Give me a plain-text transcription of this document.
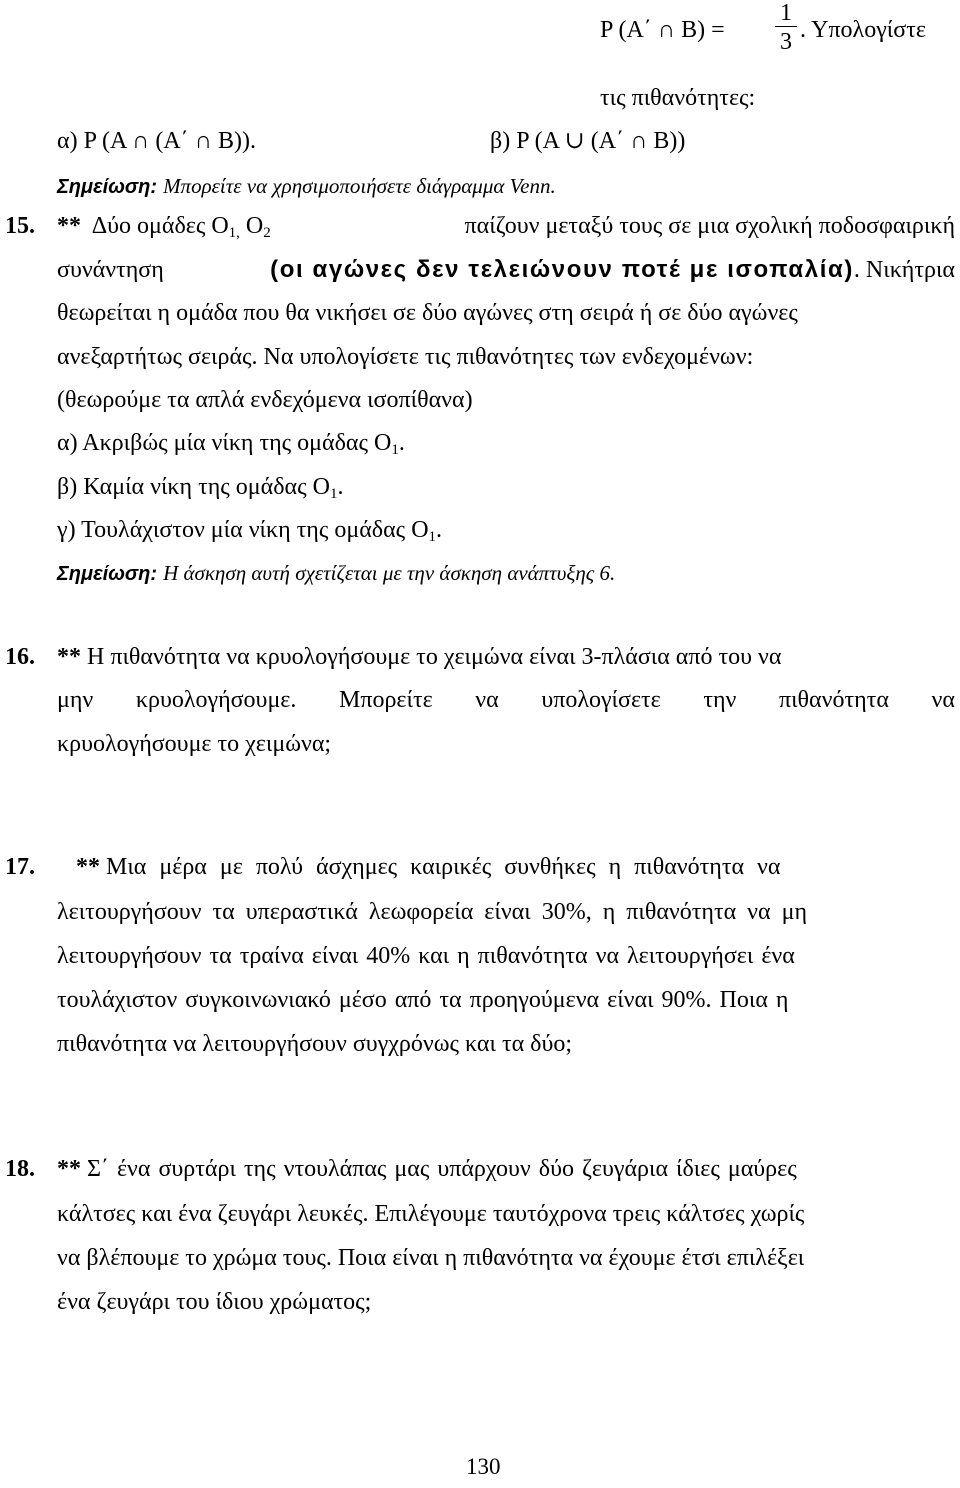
P (A΄ ∩ B) =
1
3 . Υπολογίστε
τις πιθανότητες:
α) P (A ∩ (A΄ ∩ B)).	β) P (A ∪ (A΄ ∩ B))
Σημείωση: Μπορείτε να χρησιμοποιήσετε διάγραμμα Venn.
15. ** Δύο ομάδες $O_{1,}$ $O_2$	παίζουν μεταξύ τους σε μια σχολική ποδοσφαιρική
συνάντηση	(οι αγώνες δεν τελειώνουν ποτέ με ισοπαλία). Νικήτρια
θεωρείται η ομάδα που θα νικήσει σε δύο αγώνες στη σειρά ή σε δύο αγώνες
ανεξαρτήτως σειράς. Να υπολογίσετε τις πιθανότητες των ενδεχομένων:
(θεωρούμε τα απλά ενδεχόμενα ισοπίθανα)
α) Ακριβώς μία νίκη της ομάδας $O_1$.
β) Καμία νίκη της ομάδας $O_1$.
γ) Τουλάχιστον μία νίκη της ομάδας $O_1$.
Σημείωση: Η άσκηση αυτή σχετίζεται με την άσκηση ανάπτυξης 6.
16. ** Η πιθανότητα να κρυολογήσουμε το χειμώνα είναι 3-πλάσια από του να
μην κρυολογήσουμε. Μπορείτε να υπολογίσετε την πιθανότητα να
κρυολογήσουμε το χειμώνα;
17. ** Μια μέρα με πολύ άσχημες καιρικές συνθήκες η πιθανότητα να
λειτουργήσουν τα υπεραστικά λεωφορεία είναι 30%, η πιθανότητα να μη
λειτουργήσουν τα τραίνα είναι 40% και η πιθανότητα να λειτουργήσει ένα
τουλάχιστον συγκοινωνιακό μέσο από τα προηγούμενα είναι 90%. Ποια η
πιθανότητα να λειτουργήσουν συγχρόνως και τα δύο;
18. ** Σ΄ ένα συρτάρι της ντουλάπας μας υπάρχουν δύο ζευγάρια ίδιες μαύρες
κάλτσες και ένα ζευγάρι λευκές. Επιλέγουμε ταυτόχρονα τρεις κάλτσες χωρίς
να βλέπουμε το χρώμα τους. Ποια είναι η πιθανότητα να έχουμε έτσι επιλέξει
ένα ζευγάρι του ίδιου χρώματος;
130
